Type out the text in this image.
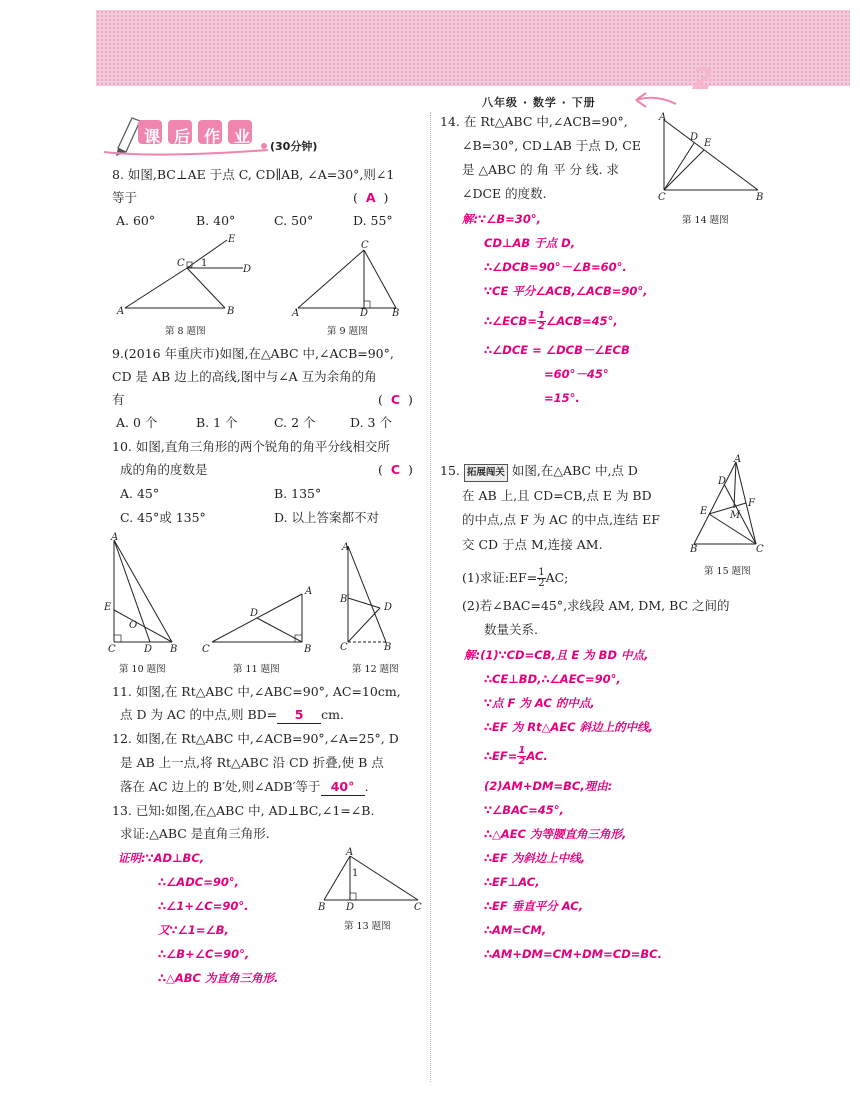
2
八年级 · 数学 · 下册
课后作业
(30分钟)
8. 如图,BC⊥AE 于点 C, CD∥AB, ∠A=30°,则∠1
等于	( A )
A. 60°	B. 40°	C. 50°	D. 55°
A	B
C
D
E
1
第 8 题图
A	D B
C
第 9 题图
9.(2016 年重庆市)如图,在△ABC 中,∠ACB=90°,
CD 是 AB 边上的高线,图中与∠A 互为余角的角
有	(  C  )
A. 0 个	B. 1 个	C. 2 个	D. 3 个
10. 如图,直角三角形的两个锐角的角平分线相交所
成的角的度数是	(  C  )
A. 45°	B. 135°
C. 45°或 135°	D. 以上答案都不对
A
E
O
C	D B
第 10 题图
C	B
A
D
第 11 题图
A
B′
D
C	B
第 12 题图
11. 如图,在 Rt△ABC 中,∠ABC=90°, AC=10cm,
点 D 为 AC 的中点,则 BD= 5 cm.
12. 如图,在 Rt△ABC 中,∠ACB=90°,∠A=25°, D
是 AB 上一点,将 Rt△ABC 沿 CD 折叠,使 B 点
落在 AC 边上的 B′处,则∠ADB′等于 40° .
13. 已知:如图,在△ABC 中, AD⊥BC,∠1=∠B.
求证:△ABC 是直角三角形.
证明:∵AD⊥BC,
∴∠ADC=90°,
∴∠1+∠C=90°.
又∵∠1=∠B,
∴∠B+∠C=90°,
∴△ABC 为直角三角形.
A
1
B D	C
第 13 题图
14. 在 Rt△ABC 中,∠ACB=90°,
∠B=30°, CD⊥AB 于点 D, CE
是 △ABC 的 角 平 分 线. 求
∠DCE 的度数.
A
D
E
C	B
第 14 题图
解:∵∠B=30°,
CD⊥AB 于点 D,
∴∠DCB=90°－∠B=60°.
∵CE 平分∠ACB,∠ACB=90°,
∴∠ECB= $\frac{1}{2}$ ∠ACB=45°,
∴∠DCE = ∠DCB－∠ECB
=60°－45°
=15°.
15. 拓展闯关 如图,在△ABC 中,点 D
在 AB 上,且 CD=CB,点 E 为 BD
的中点,点 F 为 AC 的中点,连结 EF
交 CD 于点 M,连接 AM.
(1)求证:EF= $\frac{1}{2}$ AC;
(2)若∠BAC=45°,求线段 AM, DM, BC 之间的
数量关系.
A
D
E
F
M
B	C
第 15 题图
解:(1)∵CD=CB,且 E 为 BD 中点,
∴CE⊥BD,∴∠AEC=90°,
∵点 F 为 AC 的中点,
∴EF 为 Rt△AEC 斜边上的中线,
∴EF= $\frac{1}{2}$ AC.
(2)AM+DM=BC,理由:
∵∠BAC=45°,
∴△AEC 为等腰直角三角形,
∴EF 为斜边上中线,
∴EF⊥AC,
∴EF 垂直平分 AC,
∴AM=CM,
∴AM+DM=CM+DM=CD=BC.
